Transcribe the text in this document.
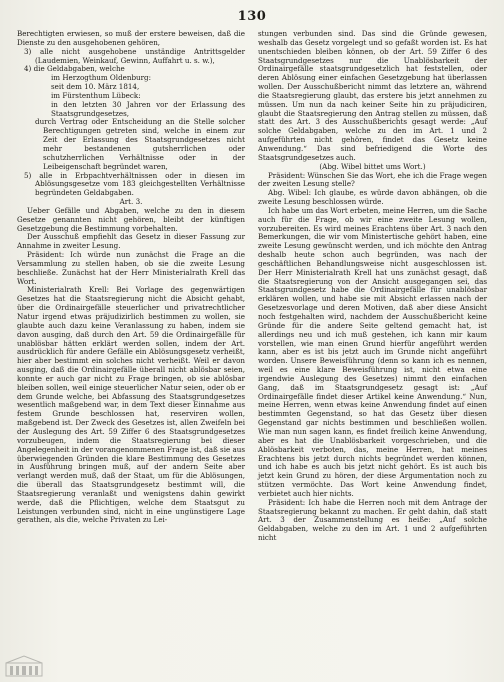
130

Berechtigten erwiesen, so muß der erstere beweisen, daß die Dienste zu den ausgehobenen gehören,

3) alle nicht ausgehobene unständige Antrittsgelder (Laudemien, Weinkauf, Gewinn, Auffahrt u. s. w.),

4) die Geldabgaben, welche

im Herzogthum Oldenburg:

seit dem 10. März 1814,

im Fürstenthum Lübeck:

in den letzten 30 Jahren vor der Erlassung des Staatsgrundgesetzes,

durch Vertrag oder Entscheidung an die Stelle solcher Berechtigungen getreten sind, welche in einem zur Zeit der Erlassung des Staatsgrundgesetzes nicht mehr bestandenen gutsherrlichen oder schutzherrlichen Verhältnisse oder in der Leibeigenschaft begründet waren,

5) alle in Erbpachtverhältnissen oder in diesen im Ablösungsgesetze vom 183 gleichgestellten Verhältnisse begründeten Geldabgaben.

Art. 3.

Ueber Gefälle und Abgaben, welche zu den in diesem Gesetze genannten nicht gehören, bleibt der künftigen Gesetzgebung die Bestimmung vorbehalten.

Der Ausschuß empfiehlt das Gesetz in dieser Fassung zur Annahme in zweiter Lesung.

Präsident: Ich würde nun zunächst die Frage an die Versammlung zu stellen haben, ob sie die zweite Lesung beschließe. Zunächst hat der Herr Ministerialrath Krell das Wort.

Ministerialrath Krell: Bei Vorlage des gegenwärtigen Gesetzes hat die Staatsregierung nicht die Absicht gehabt, über die Ordinairgefälle steuerlicher und privatrechtlicher Natur irgend etwas präjudizirlich bestimmen zu wollen, sie glaubte auch dazu keine Veranlassung zu haben, indem sie davon ausging, daß durch den Art. 59 die Ordinairgefälle für unablösbar hätten erklärt werden sollen, indem der Art. ausdrücklich für andere Gefälle ein Ablösungsgesetz verheißt, hier aber bestimmt ein solches nicht verheißt. Weil er davon ausging, daß die Ordinairgefälle überall nicht ablösbar seien, konnte er auch gar nicht zu Frage bringen, ob sie ablösbar bleiben sollen, weil einige steuerlicher Natur seien, oder ob er dem Grunde welche, bei Abfassung des Staatsgrundgesetzes wesentlich maßgebend war, in dem Text dieser Einnahme aus festem Grunde beschlossen hat, reserviren wollen, maßgebend ist. Der Zweck des Gesetzes ist, allen Zweifeln bei der Auslegung des Art. 59 Ziffer 6 des Staatsgrundgesetzes vorzubeugen, indem die Staatsregierung bei dieser Angelegenheit in der vorangenommenen Frage ist, daß sie aus überwiegenden Gründen die klare Bestimmung des Gesetzes in Ausführung bringen muß, auf der andern Seite aber verlangt werden muß, daß der Staat, um für die Ablösungen, die überall das Staatsgrundgesetz bestimmt will, die Staatsregierung veranlaßt und wenigstens dahin gewirkt werde, daß die Pflichtigen, welche dem Staatsgut zu Leistungen verbunden sind, nicht in eine ungünstigere Lage gerathen, als die, welche Privaten zu Lei-

stungen verbunden sind. Das sind die Gründe gewesen, weshalb das Gesetz vorgelegt und so gefaßt worden ist. Es hat unentschieden bleiben können, ob der Art. 59 Ziffer 6 des Staatsgrundgesetzes nur die Unablösbarkeit der Ordinairgefälle staatsgrundgesetzlich hat feststellen, oder deren Ablösung einer einfachen Gesetzgebung hat überlassen wollen. Der Ausschußbericht nimmt das letztere an, während die Staatsregierung glaubt, das erstere bis jetzt annehmen zu müssen. Um nun da nach keiner Seite hin zu präjudiciren, glaubt die Staatsregierung den Antrag stellen zu müssen, daß statt des Art. 3 des Ausschußberichts gesagt werde: „Auf solche Geldabgaben, welche zu den im Art. 1 und 2 aufgeführten nicht gehören, findet das Gesetz keine Anwendung.“ Das sind befriedigend die Worte des Staatsgrundgesetzes auch.

(Abg. Wibel bittet ums Wort.)

Präsident: Wünschen Sie das Wort, ehe ich die Frage wegen der zweiten Lesung stelle?

Abg. Wibel: Ich glaube, es würde davon abhängen, ob die zweite Lesung beschlossen würde.

Ich habe um das Wort erbeten, meine Herren, um die Sache auch für die Frage, ob wir eine zweite Lesung wollen, vorzubereiten. Es wird meines Erachtens über Art. 3 nach den Bemerkungen, die wir vom Ministertische gehört haben, eine zweite Lesung gewünscht werden, und ich möchte den Antrag deshalb heute schon auch begründen, was nach der geschäftlichen Behandlungsweise nicht ausgeschlossen ist. Der Herr Ministerialrath Krell hat uns zunächst gesagt, daß die Staatsregierung von der Ansicht ausgegangen sei, das Staatsgrundgesetz habe die Ordinairgefälle für unablösbar erklären wollen, und habe sie mit Absicht erlassen nach der Gesetzesvorlage und deren Motiven, daß aber diese Ansicht noch festgehalten wird, nachdem der Ausschußbericht keine Gründe für die andere Seite geltend gemacht hat, ist allerdings neu und ich muß gestehen, ich kann mir kaum vorstellen, wie man einen Grund hierfür angeführt werden kann, aber es ist bis jetzt auch im Grunde nicht angeführt worden. Unsere Beweisführung (denn so kann ich es nennen, weil es eine klare Beweisführung ist, nicht etwa eine irgendwie Auslegung des Gesetzes) nimmt den einfachen Gang, daß im Staatsgrundgesetz gesagt ist: „Auf Ordinairgefälle findet dieser Artikel keine Anwendung.“ Nun, meine Herren, wenn etwas keine Anwendung findet auf einen bestimmten Gegenstand, so hat das Gesetz über diesen Gegenstand gar nichts bestimmen und beschließen wollen. Wie man nun sagen kann, es findet freilich keine Anwendung, aber es hat die Unablösbarkeit vorgeschrieben, und die Ablösbarkeit verboten, das, meine Herren, hat meines Erachtens bis jetzt durch nichts begründet werden können, und ich habe es auch bis jetzt nicht gehört. Es ist auch bis jetzt kein Grund zu hören, der diese Argumentation noch zu stützen vermöchte. Das Wort keine Anwendung findet, verbietet auch hier nichts.

Präsident: Ich habe die Herren noch mit dem Antrage der Staatsregierung bekannt zu machen. Er geht dahin, daß statt Art. 3 der Zusammenstellung es heiße: „Auf solche Geldabgaben, welche zu den im Art. 1 und 2 aufgeführten nicht
